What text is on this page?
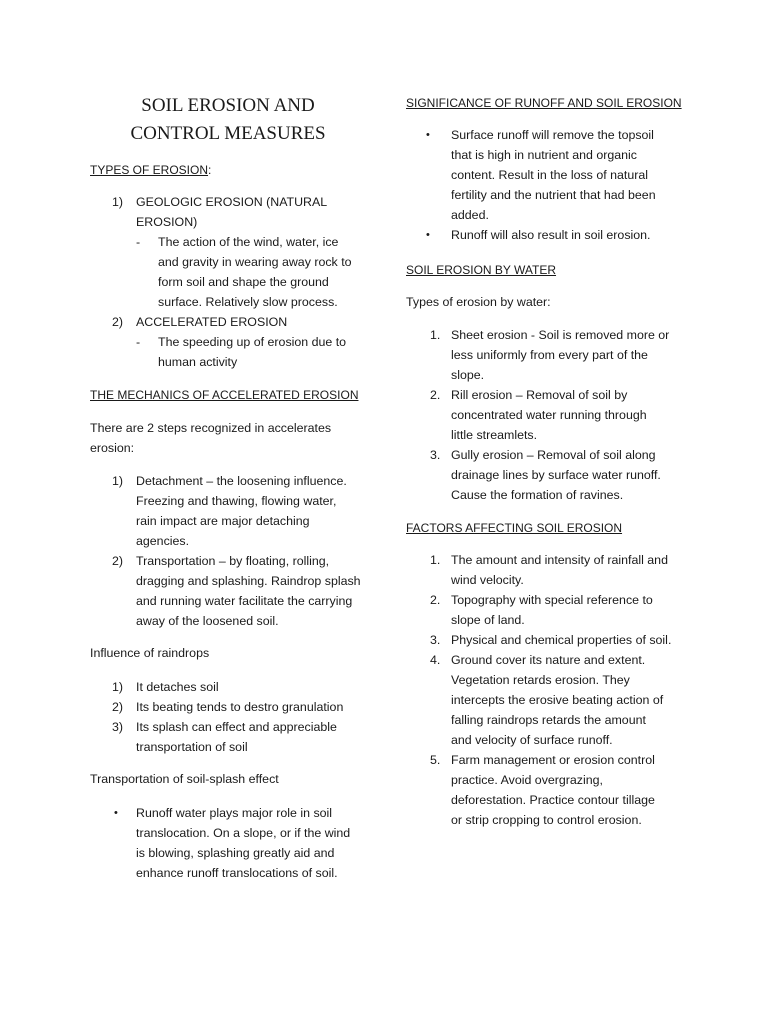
SOIL EROSION AND
CONTROL MEASURES
TYPES OF EROSION:
1) GEOLOGIC EROSION (NATURAL
EROSION)
- The action of the wind, water, ice
and gravity in wearing away rock to
form soil and shape the ground
surface. Relatively slow process.
2) ACCELERATED EROSION
- The speeding up of erosion due to
human activity
THE MECHANICS OF ACCELERATED EROSION
There are 2 steps recognized in accelerates
erosion:
1) Detachment – the loosening influence.
Freezing and thawing, flowing water,
rain impact are major detaching
agencies.
2) Transportation – by floating, rolling,
dragging and splashing. Raindrop splash
and running water facilitate the carrying
away of the loosened soil.
Influence of raindrops
1) It detaches soil
2) Its beating tends to destro granulation
3) Its splash can effect and appreciable
transportation of soil
Transportation of soil-splash effect
• Runoff water plays major role in soil
translocation. On a slope, or if the wind
is blowing, splashing greatly aid and
enhance runoff translocations of soil.
SIGNIFICANCE OF RUNOFF AND SOIL EROSION
• Surface runoff will remove the topsoil
that is high in nutrient and organic
content. Result in the loss of natural
fertility and the nutrient that had been
added.
• Runoff will also result in soil erosion.
SOIL EROSION BY WATER
Types of erosion by water:
1. Sheet erosion - Soil is removed more or
less uniformly from every part of the
slope.
2. Rill erosion – Removal of soil by
concentrated water running through
little streamlets.
3. Gully erosion – Removal of soil along
drainage lines by surface water runoff.
Cause the formation of ravines.
FACTORS AFFECTING SOIL EROSION
1. The amount and intensity of rainfall and
wind velocity.
2. Topography with special reference to
slope of land.
3. Physical and chemical properties of soil.
4. Ground cover its nature and extent.
Vegetation retards erosion. They
intercepts the erosive beating action of
falling raindrops retards the amount
and velocity of surface runoff.
5. Farm management or erosion control
practice. Avoid overgrazing,
deforestation. Practice contour tillage
or strip cropping to control erosion.
